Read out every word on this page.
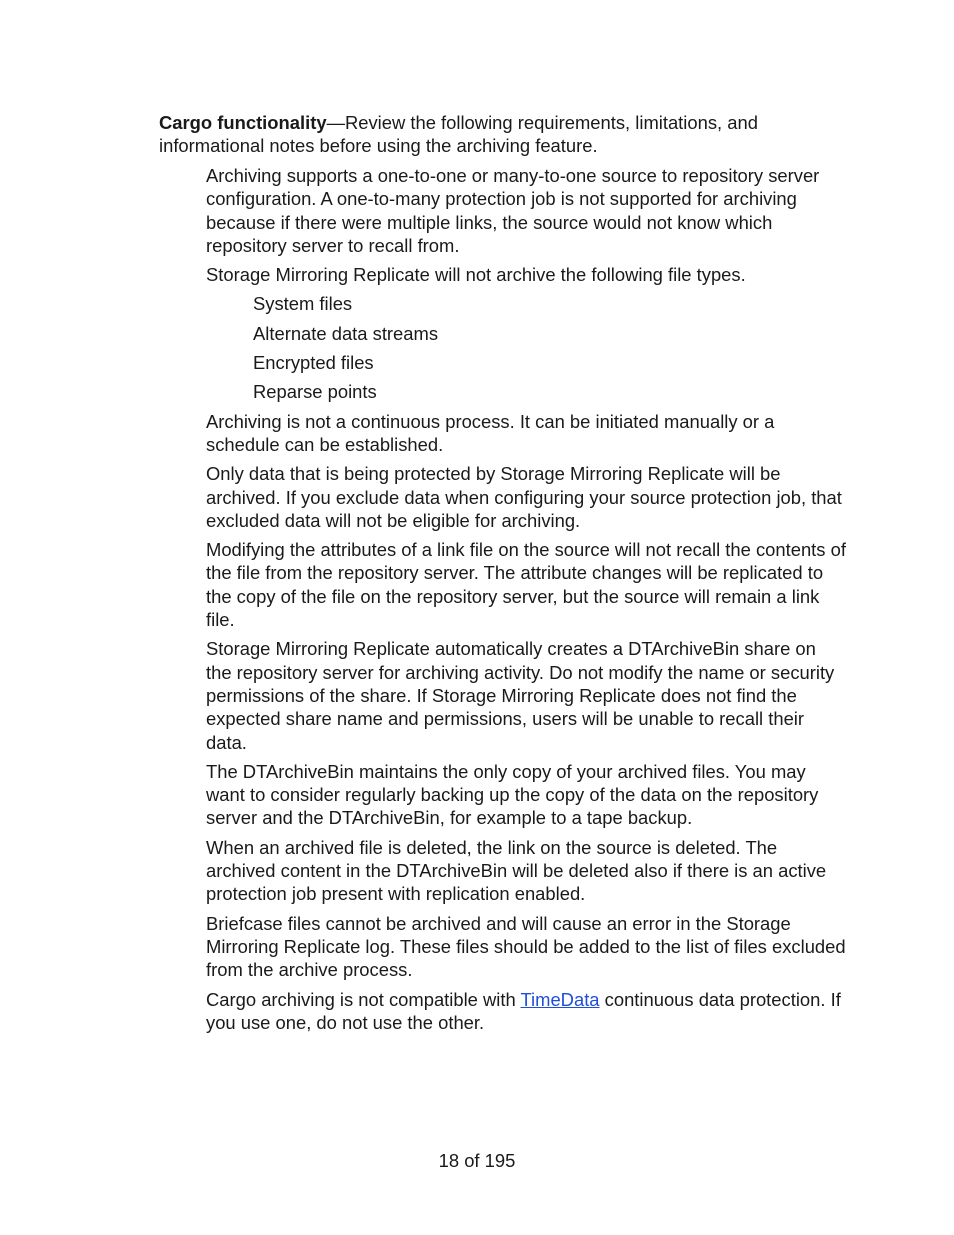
Cargo functionality—Review the following requirements, limitations, and informational notes before using the archiving feature.

Archiving supports a one-to-one or many-to-one source to repository server configuration. A one-to-many protection job is not supported for archiving because if there were multiple links, the source would not know which repository server to recall from.

Storage Mirroring Replicate will not archive the following file types.

System files

Alternate data streams

Encrypted files

Reparse points

Archiving is not a continuous process. It can be initiated manually or a schedule can be established.

Only data that is being protected by Storage Mirroring Replicate will be archived. If you exclude data when configuring your source protection job, that excluded data will not be eligible for archiving.

Modifying the attributes of a link file on the source will not recall the contents of the file from the repository server. The attribute changes will be replicated to the copy of the file on the repository server, but the source will remain a link file.

Storage Mirroring Replicate automatically creates a DTArchiveBin share on the repository server for archiving activity. Do not modify the name or security permissions of the share. If Storage Mirroring Replicate does not find the expected share name and permissions, users will be unable to recall their data.

The DTArchiveBin maintains the only copy of your archived files. You may want to consider regularly backing up the copy of the data on the repository server and the DTArchiveBin, for example to a tape backup.

When an archived file is deleted, the link on the source is deleted. The archived content in the DTArchiveBin will be deleted also if there is an active protection job present with replication enabled.

Briefcase files cannot be archived and will cause an error in the Storage Mirroring Replicate log. These files should be added to the list of files excluded from the archive process.

Cargo archiving is not compatible with TimeData continuous data protection. If you use one, do not use the other.

18 of 195
